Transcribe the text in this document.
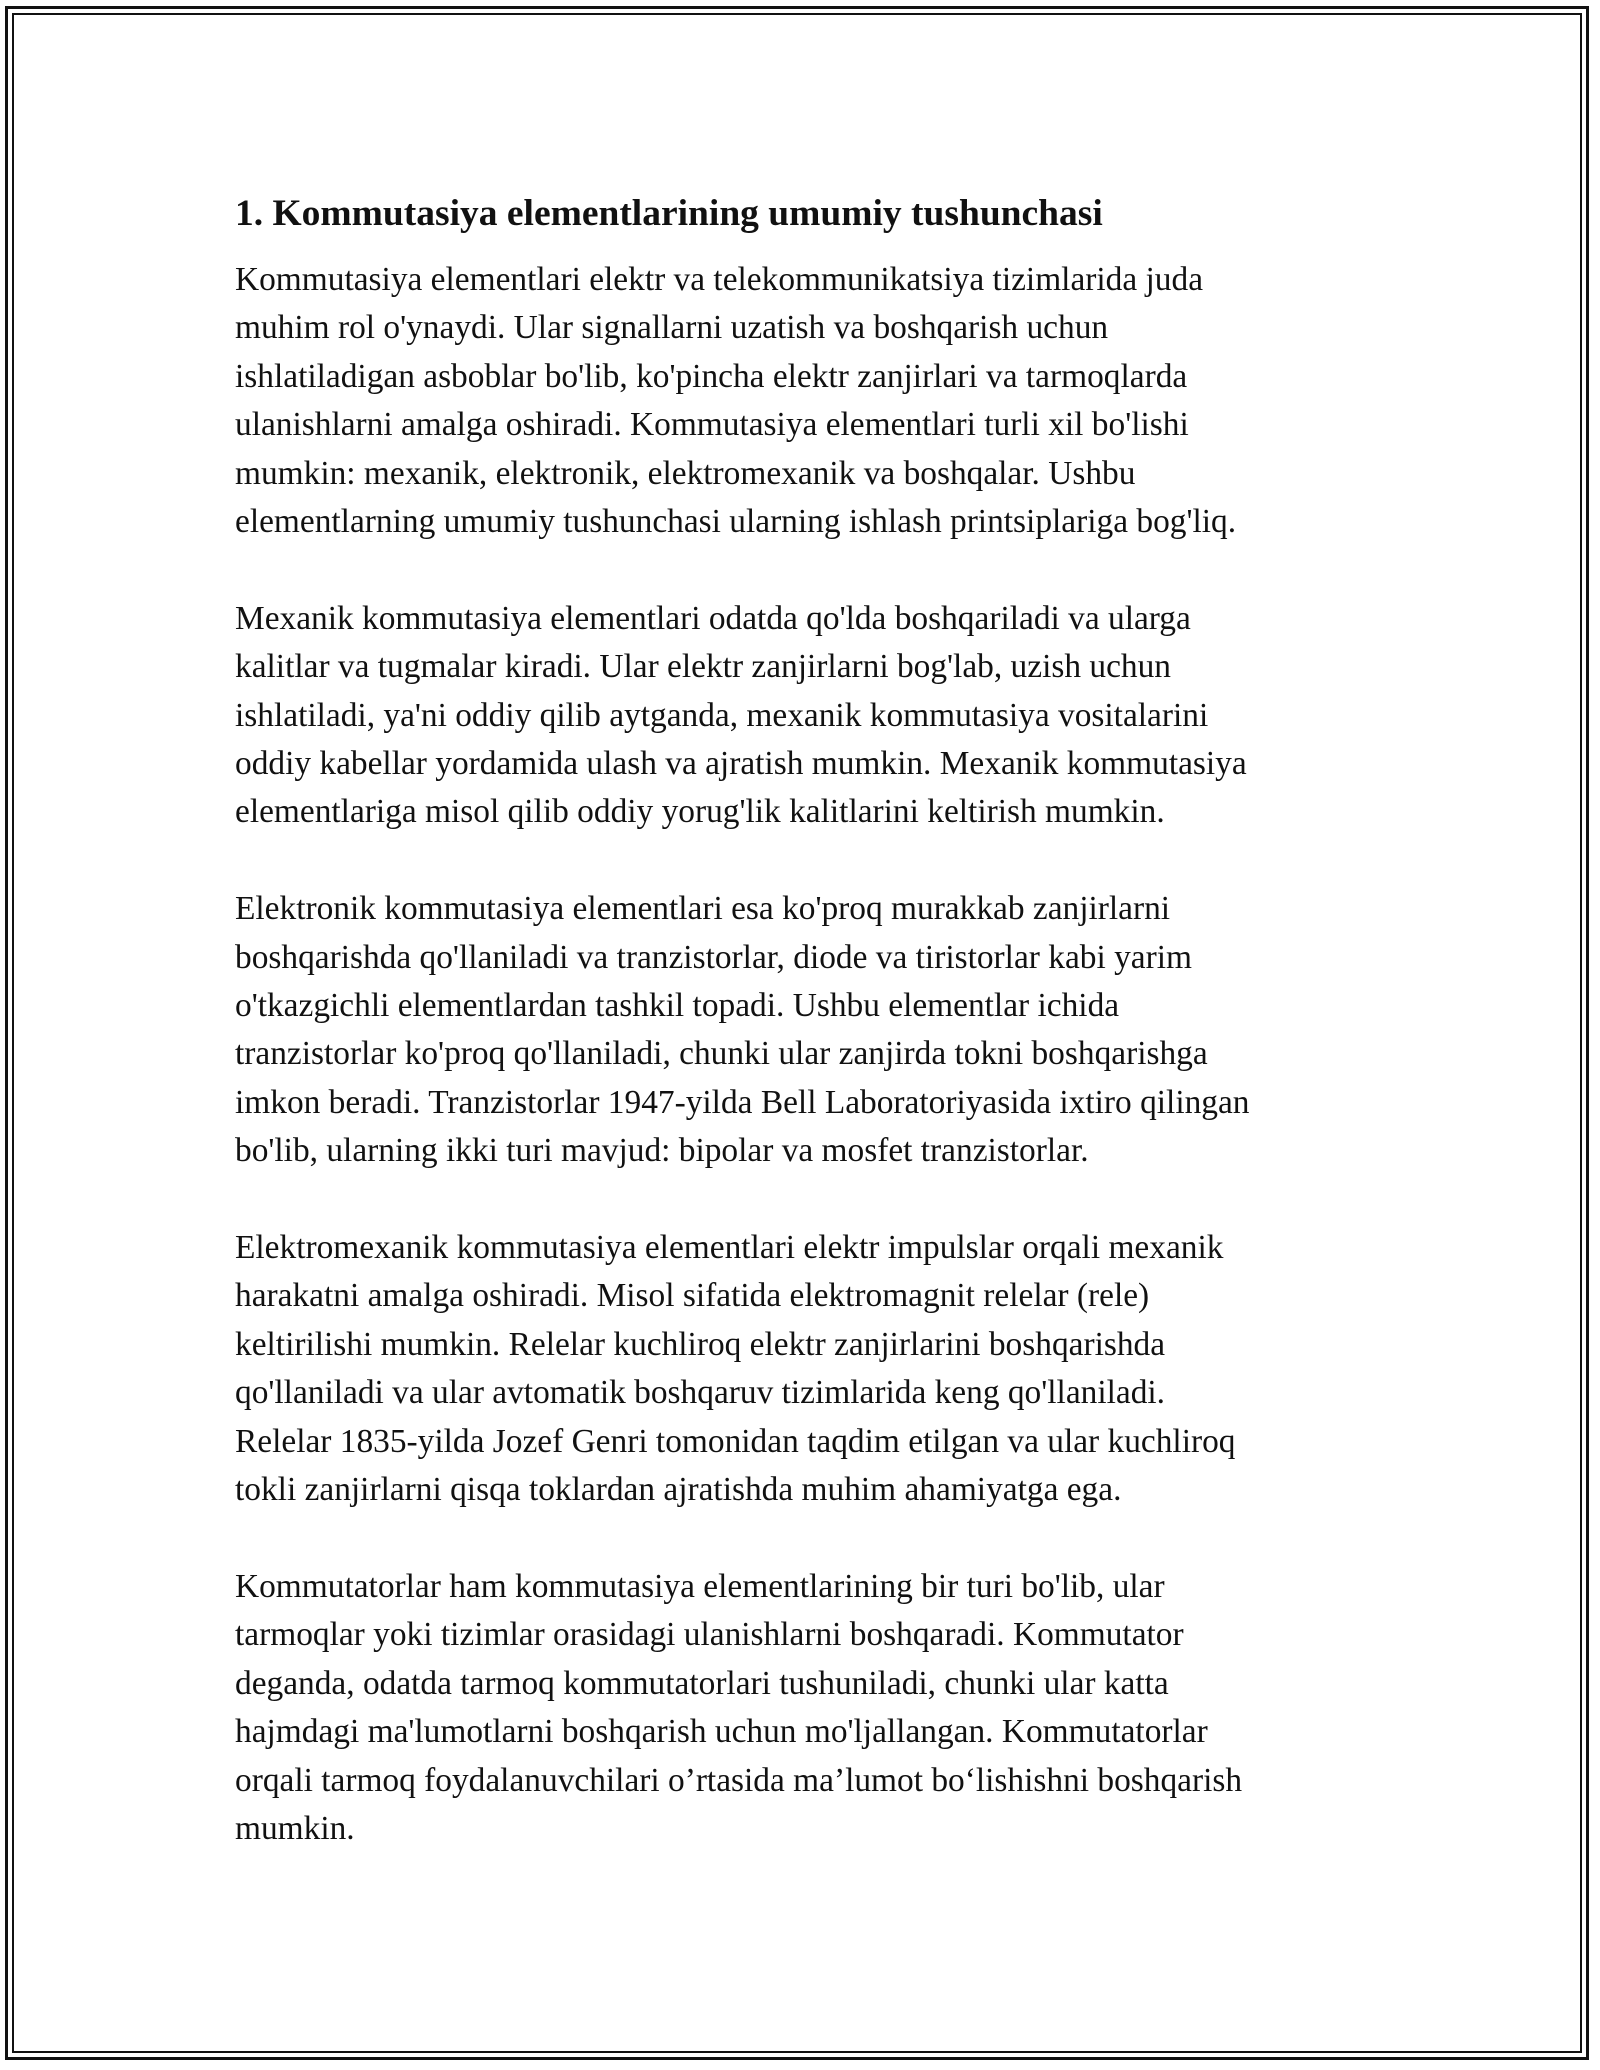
1. Kommutasiya elementlarining umumiy tushunchasi

Kommutasiya elementlari elektr va telekommunikatsiya tizimlarida juda
muhim rol o'ynaydi. Ular signallarni uzatish va boshqarish uchun
ishlatiladigan asboblar bo'lib, ko'pincha elektr zanjirlari va tarmoqlarda
ulanishlarni amalga oshiradi. Kommutasiya elementlari turli xil bo'lishi
mumkin: mexanik, elektronik, elektromexanik va boshqalar. Ushbu
elementlarning umumiy tushunchasi ularning ishlash printsiplariga bog'liq.

Mexanik kommutasiya elementlari odatda qo'lda boshqariladi va ularga
kalitlar va tugmalar kiradi. Ular elektr zanjirlarni bog'lab, uzish uchun
ishlatiladi, ya'ni oddiy qilib aytganda, mexanik kommutasiya vositalarini
oddiy kabellar yordamida ulash va ajratish mumkin. Mexanik kommutasiya
elementlariga misol qilib oddiy yorug'lik kalitlarini keltirish mumkin.

Elektronik kommutasiya elementlari esa ko'proq murakkab zanjirlarni
boshqarishda qo'llaniladi va tranzistorlar, diode va tiristorlar kabi yarim
o'tkazgichli elementlardan tashkil topadi. Ushbu elementlar ichida
tranzistorlar ko'proq qo'llaniladi, chunki ular zanjirda tokni boshqarishga
imkon beradi. Tranzistorlar 1947-yilda Bell Laboratoriyasida ixtiro qilingan
bo'lib, ularning ikki turi mavjud: bipolar va mosfet tranzistorlar.

Elektromexanik kommutasiya elementlari elektr impulslar orqali mexanik
harakatni amalga oshiradi. Misol sifatida elektromagnit relelar (rele)
keltirilishi mumkin. Relelar kuchliroq elektr zanjirlarini boshqarishda
qo'llaniladi va ular avtomatik boshqaruv tizimlarida keng qo'llaniladi.
Relelar 1835-yilda Jozef Genri tomonidan taqdim etilgan va ular kuchliroq
tokli zanjirlarni qisqa toklardan ajratishda muhim ahamiyatga ega.

Kommutatorlar ham kommutasiya elementlarining bir turi bo'lib, ular
tarmoqlar yoki tizimlar orasidagi ulanishlarni boshqaradi. Kommutator
deganda, odatda tarmoq kommutatorlari tushuniladi, chunki ular katta
hajmdagi ma'lumotlarni boshqarish uchun mo'ljallangan. Kommutatorlar
orqali tarmoq foydalanuvchilari o’rtasida ma’lumot bo‘lishishni boshqarish
mumkin.
